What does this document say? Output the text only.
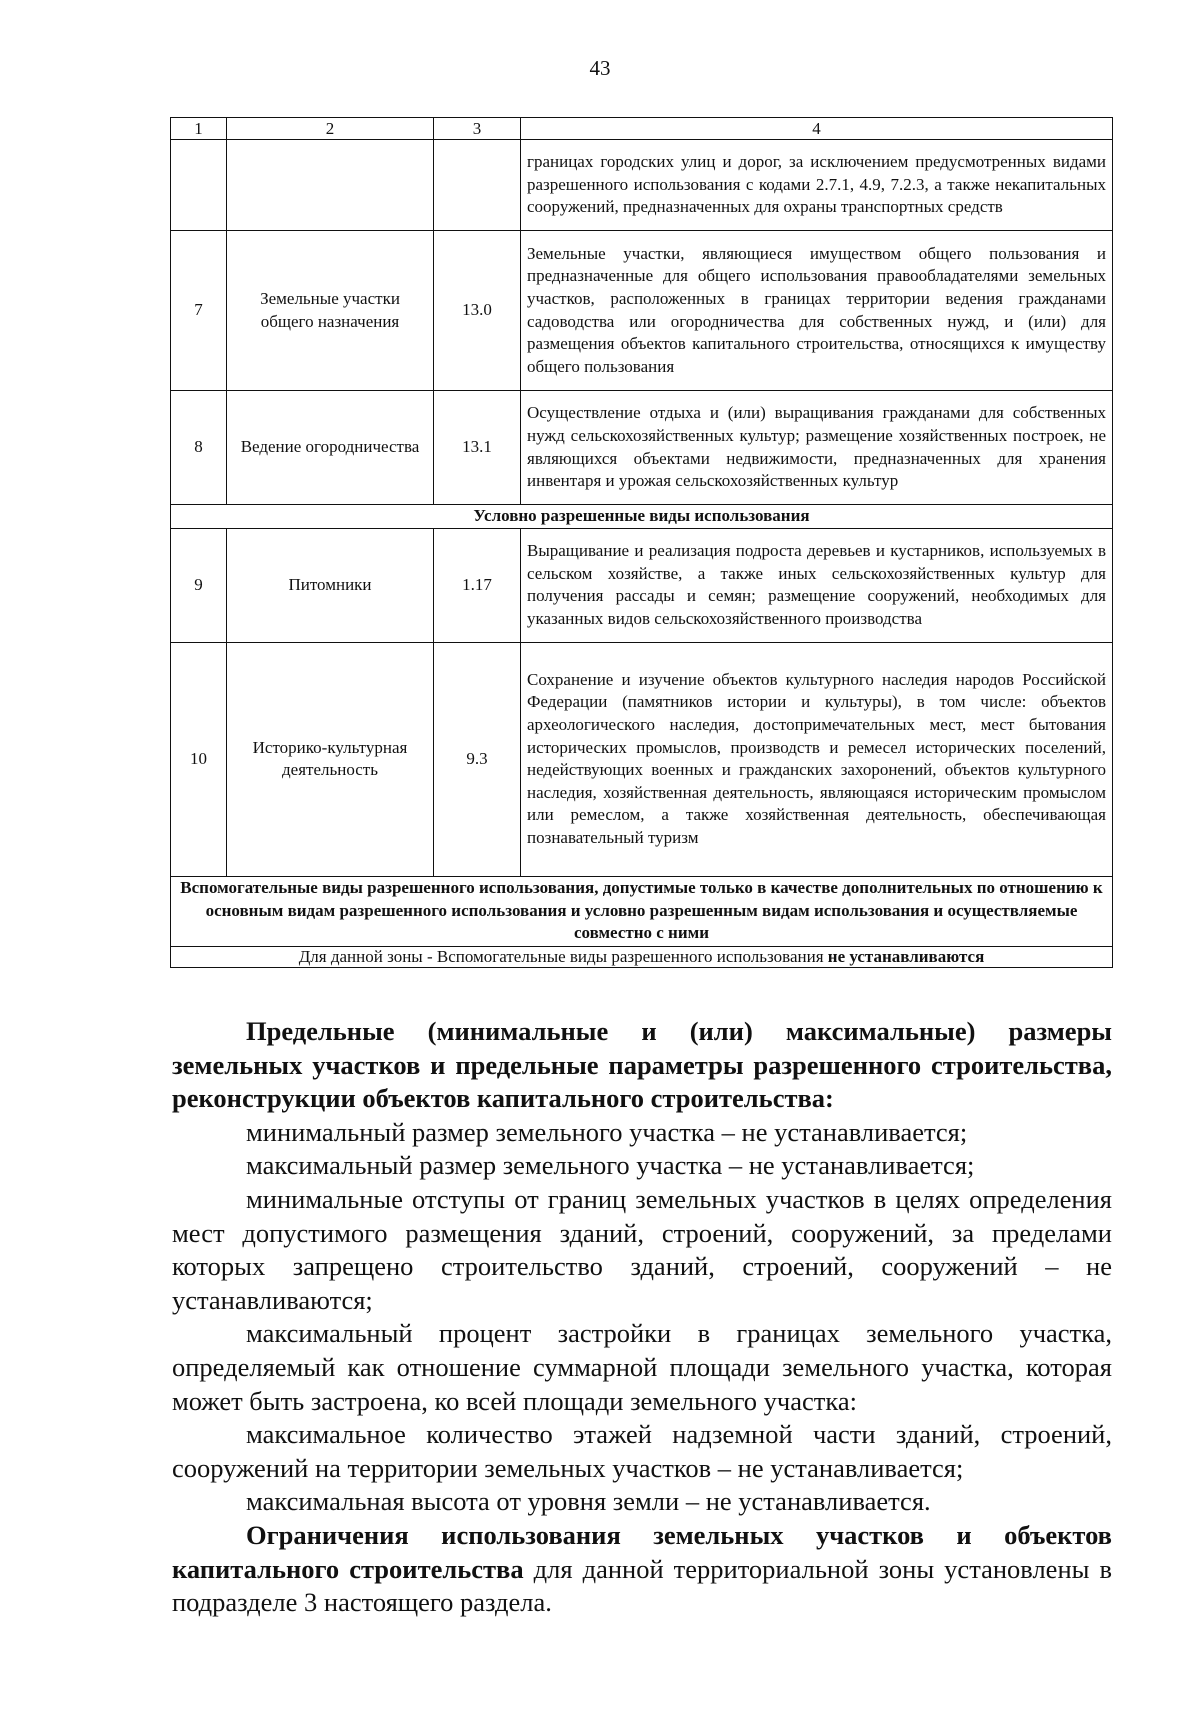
43
1	2	3	4
			границах городских улиц и дорог, за исключением предусмотренных видами разрешенного использования с кодами 2.7.1, 4.9, 7.2.3, а также некапитальных сооружений, предназначенных для охраны транспортных средств
7	Земельные участки общего назначения	13.0	Земельные участки, являющиеся имуществом общего пользования и предназначенные для общего использования правообладателями земельных участков, расположенных в границах территории ведения гражданами садоводства или огородничества для собственных нужд, и (или) для размещения объектов капитального строительства, относящихся к имуществу общего пользования
8	Ведение огородничества	13.1	Осуществление отдыха и (или) выращивания гражданами для собственных нужд сельскохозяйственных культур; размещение хозяйственных построек, не являющихся объектами недвижимости, предназначенных для хранения инвентаря и урожая сельскохозяйственных культур
Условно разрешенные виды использования			
9	Питомники	1.17	Выращивание и реализация подроста деревьев и кустарников, используемых в сельском хозяйстве, а также иных сельскохозяйственных культур для получения рассады и семян; размещение сооружений, необходимых для указанных видов сельскохозяйственного производства
10	Историко-культурная деятельность	9.3	Сохранение и изучение объектов культурного наследия народов Российской Федерации (памятников истории и культуры), в том числе: объектов археологического наследия, достопримечательных мест, мест бытования исторических промыслов, производств и ремесел исторических поселений, недействующих военных и гражданских захоронений, объектов культурного наследия, хозяйственная деятельность, являющаяся историческим промыслом или ремеслом, а также хозяйственная деятельность, обеспечивающая познавательный туризм
Вспомогательные виды разрешенного использования, допустимые только в качестве дополнительных по отношению к основным видам разрешенного использования и условно разрешенным видам использования и осуществляемые совместно с ними			
Для данной зоны - Вспомогательные виды разрешенного использования не устанавливаются			

Предельные (минимальные и (или) максимальные) размеры земельных участков и предельные параметры разрешенного строительства, реконструкции объектов капитального строительства:

минимальный размер земельного участка – не устанавливается;

максимальный размер земельного участка – не устанавливается;

минимальные отступы от границ земельных участков в целях определения мест допустимого размещения зданий, строений, сооружений, за пределами которых запрещено строительство зданий, строений, сооружений – не устанавливаются;

максимальный процент застройки в границах земельного участка, определяемый как отношение суммарной площади земельного участка, которая может быть застроена, ко всей площади земельного участка:

максимальное количество этажей надземной части зданий, строений, сооружений на территории земельных участков – не устанавливается;

максимальная высота от уровня земли – не устанавливается.

Ограничения использования земельных участков и объектов капитального строительства для данной территориальной зоны установлены в подразделе 3 настоящего раздела.
